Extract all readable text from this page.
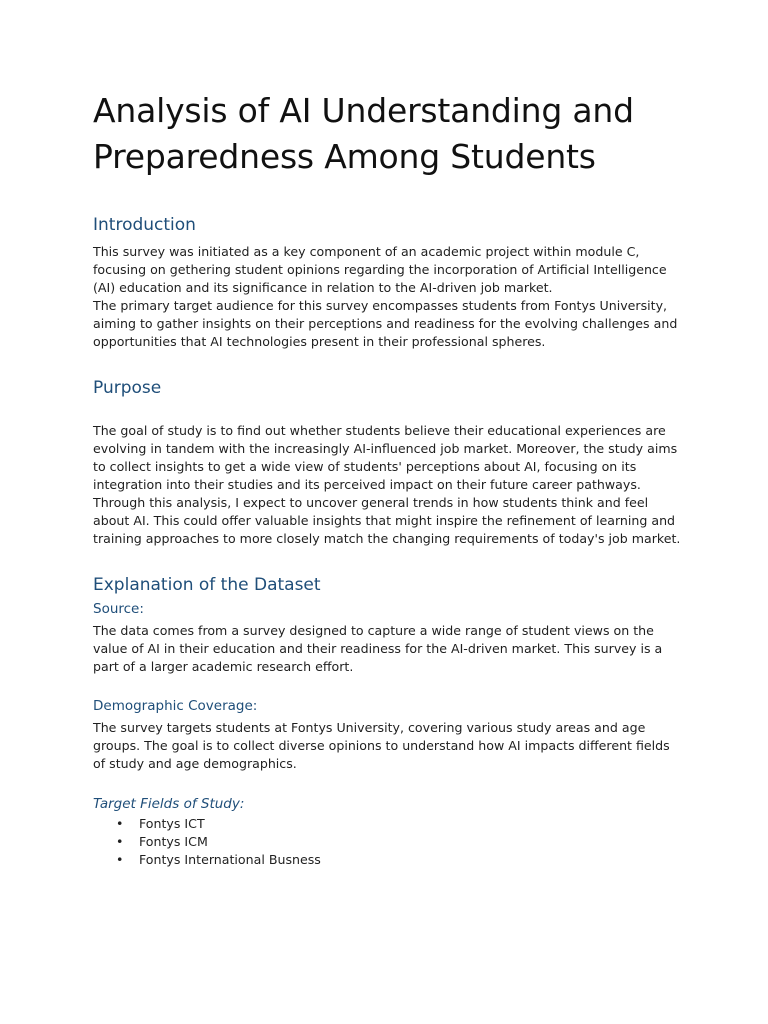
Analysis of AI Understanding and
Preparedness Among Students
Introduction

This survey was initiated as a key component of an academic project within module C, focusing on gethering student opinions regarding the incorporation of Artificial Intelligence (AI) education and its significance in relation to the AI-driven job market.

The primary target audience for this survey encompasses students from Fontys University, aiming to gather insights on their perceptions and readiness for the evolving challenges and opportunities that AI technologies present in their professional spheres.

Purpose

The goal of study is to find out whether students believe their educational experiences are evolving in tandem with the increasingly AI-influenced job market. Moreover, the study aims to collect insights to get a wide view of students' perceptions about AI, focusing on its integration into their studies and its perceived impact on their future career pathways. Through this analysis, I expect to uncover general trends in how students think and feel about AI. This could offer valuable insights that might inspire the refinement of learning and training approaches to more closely match the changing requirements of today's job market.

Explanation of the Dataset
Source:

The data comes from a survey designed to capture a wide range of student views on the value of AI in their education and their readiness for the AI-driven market. This survey is a part of a larger academic research effort.

Demographic Coverage:

The survey targets students at Fontys University, covering various study areas and age groups. The goal is to collect diverse opinions to understand how AI impacts different fields of study and age demographics.

Target Fields of Study:
• Fontys ICT
• Fontys ICM
• Fontys International Busness
